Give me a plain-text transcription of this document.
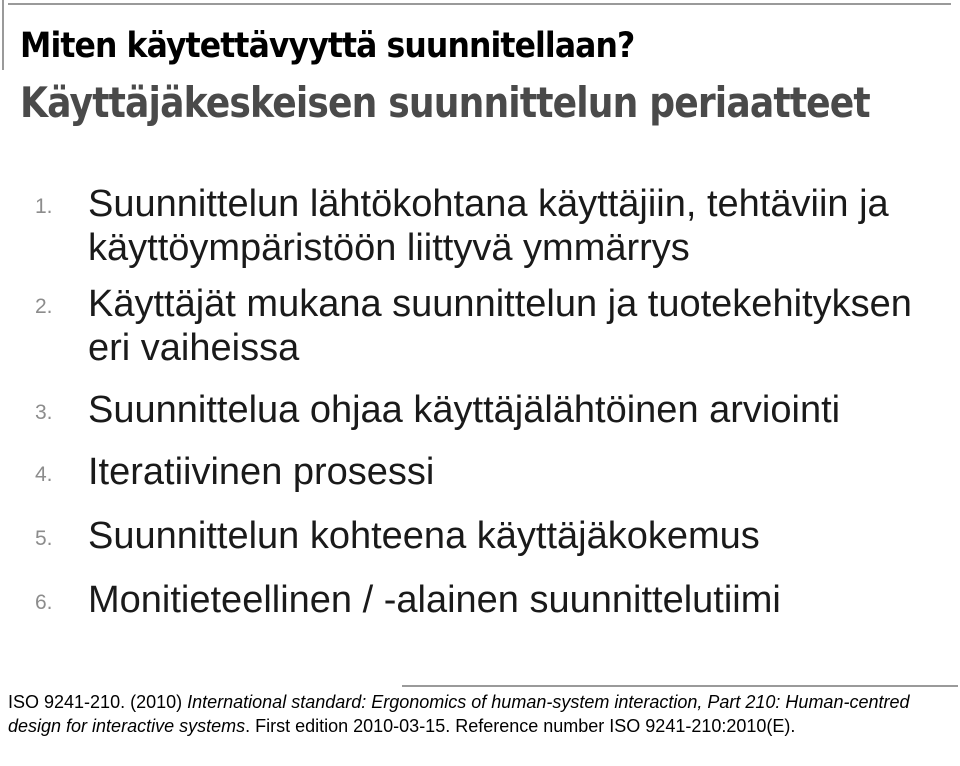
Miten käytettävyyttä suunnitellaan?
Käyttäjäkeskeisen suunnittelun periaatteet
1. Suunnittelun lähtökohtana käyttäjiin, tehtäviin ja käyttöympäristöön liittyvä ymmärrys
2. Käyttäjät mukana suunnittelun ja tuotekehityksen eri vaiheissa
3. Suunnittelua ohjaa käyttäjälähtöinen arviointi
4. Iteratiivinen prosessi
5. Suunnittelun kohteena käyttäjäkokemus
6. Monitieteellinen / -alainen suunnittelutiimi

ISO 9241-210. (2010) International standard: Ergonomics of human-system interaction, Part 210: Human-centred design for interactive systems. First edition 2010-03-15. Reference number ISO 9241-210:2010(E).
